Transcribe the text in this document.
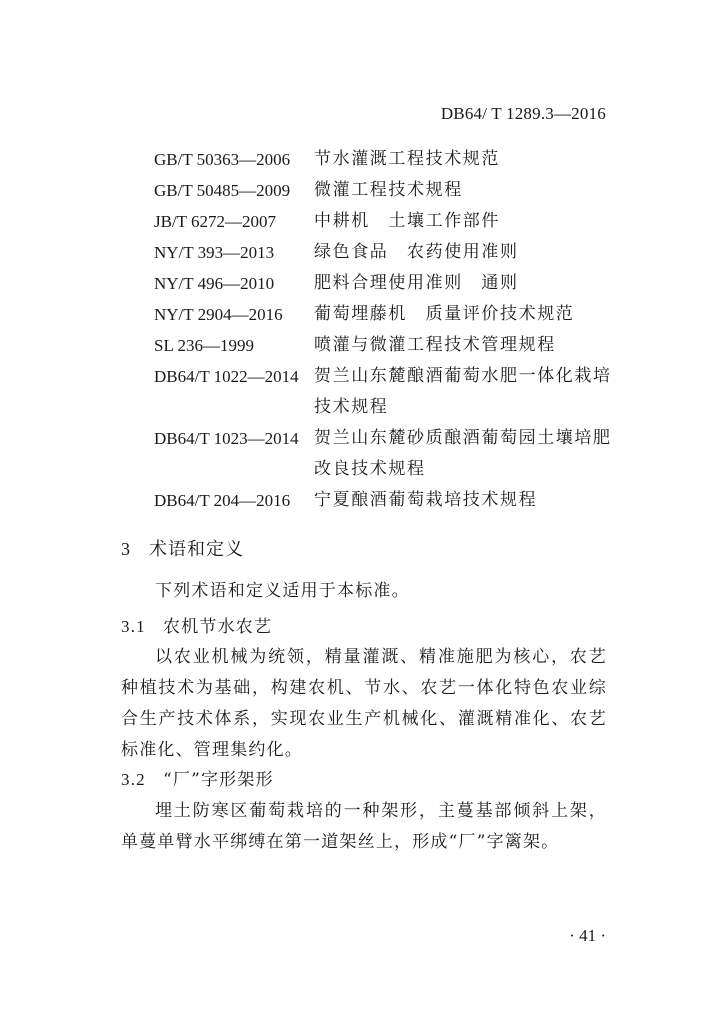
DB64/ T 1289.3—2016
GB/T 50363—2006	节水灌溉工程技术规范
GB/T 50485—2009	微灌工程技术规程
JB/T 6272—2007	中耕机　土壤工作部件
NY/T 393—2013	绿色食品　农药使用准则
NY/T 496—2010	肥料合理使用准则　通则
NY/T 2904—2016	葡萄埋藤机　质量评价技术规范
SL 236—1999	喷灌与微灌工程技术管理规程
DB64/T 1022—2014 贺兰山东麓酿酒葡萄水肥一体化栽培技术规程
DB64/T 1023—2014 贺兰山东麓砂质酿酒葡萄园土壤培肥改良技术规程
DB64/T 204—2016	宁夏酿酒葡萄栽培技术规程
3 术语和定义
下列术语和定义适用于本标准。
3.1 农机节水农艺
以农业机械为统领，精量灌溉、精准施肥为核心，农艺种植技术为基础，构建农机、节水、农艺一体化特色农业综合生产技术体系，实现农业生产机械化、灌溉精准化、农艺标准化、管理集约化。
3.2 “厂”字形架形
埋土防寒区葡萄栽培的一种架形，主蔓基部倾斜上架，单蔓单臂水平绑缚在第一道架丝上，形成“厂”字篱架。
· 41 ·
